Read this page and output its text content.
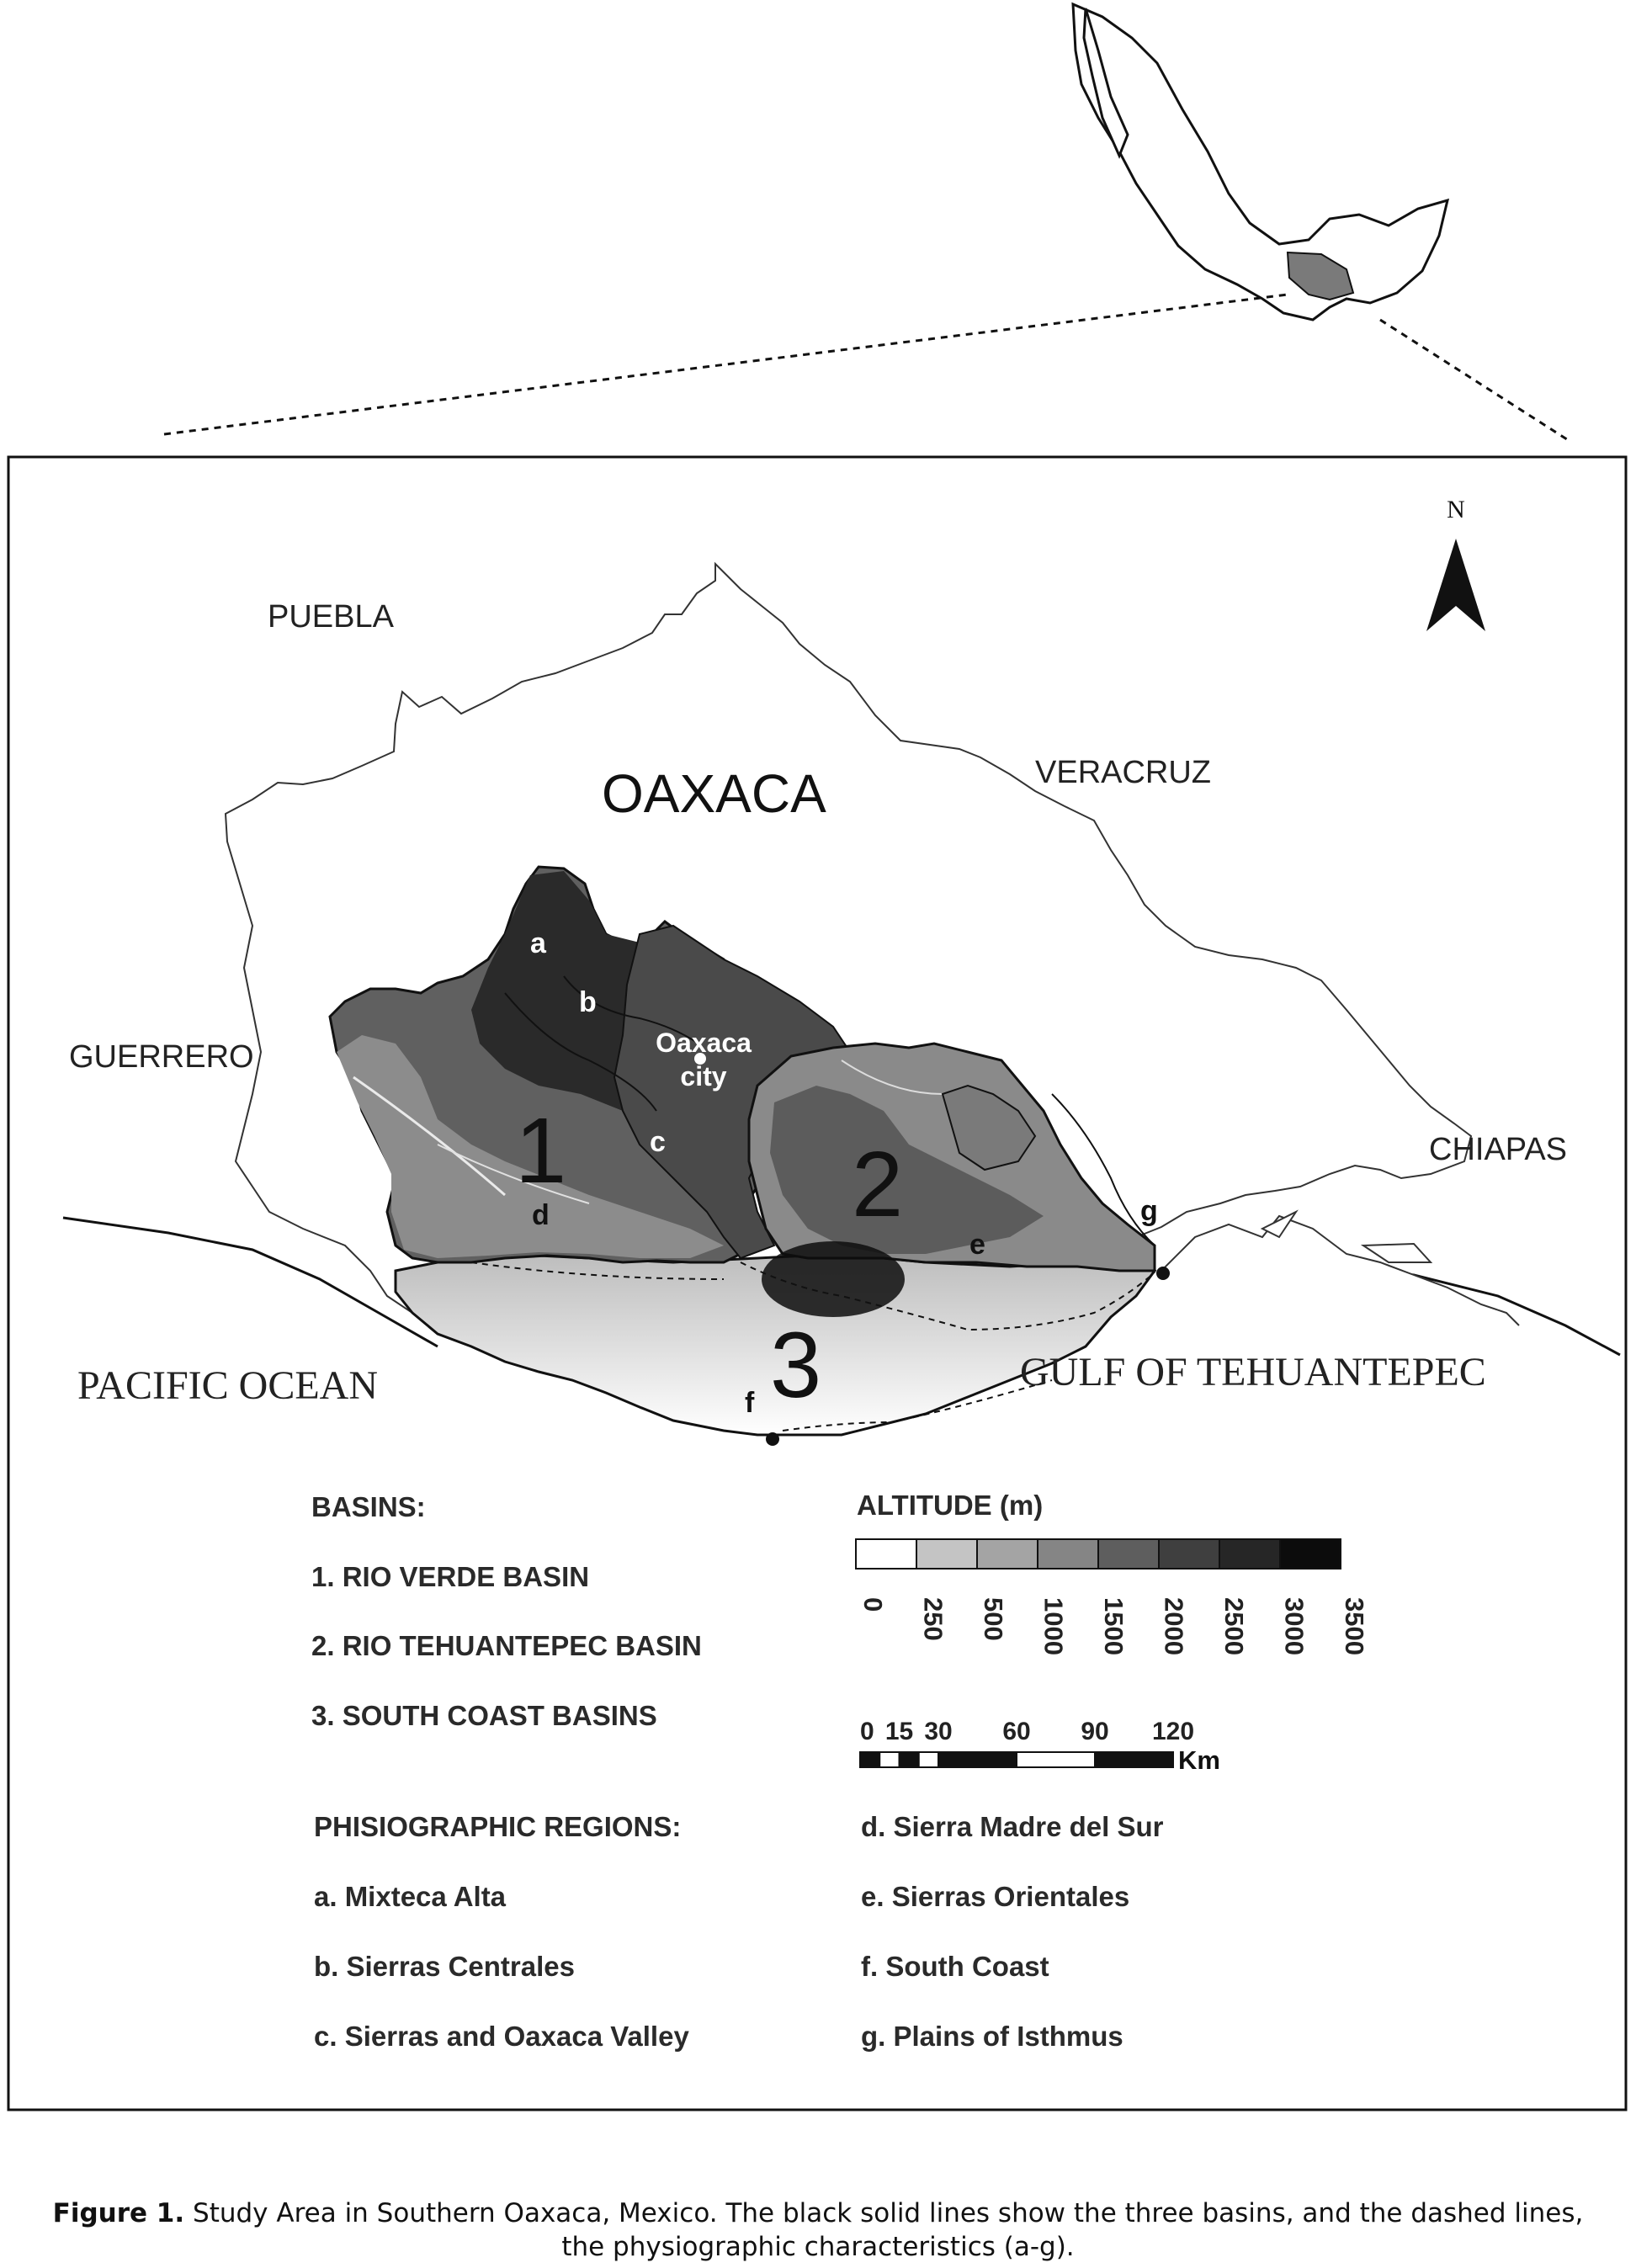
N
PUEBLA
OAXACA	VERACRUZ
GUERRERO
CHIAPAS
PACIFIC OCEAN	GULF OF TEHUANTEPEC
Oaxaca
city
1	2
3
a
b
c
d
e
f
g
0 250 500 1000 1500 2000 2500 3000 3500
0 15 30 60 90 120
Km
BASINS:
1. RIO VERDE BASIN
2. RIO TEHUANTEPEC BASIN
3. SOUTH COAST BASINS
PHISIOGRAPHIC REGIONS:
a. Mixteca Alta
b. Sierras Centrales
c. Sierras and Oaxaca Valley
d. Sierra Madre del Sur
e. Sierras Orientales
f. South Coast
g. Plains of Isthmus
ALTITUDE (m)
Figure 1. Study Area in Southern Oaxaca, Mexico. The black solid lines show the three basins, and the dashed lines,
the physiographic characteristics (a-g).
